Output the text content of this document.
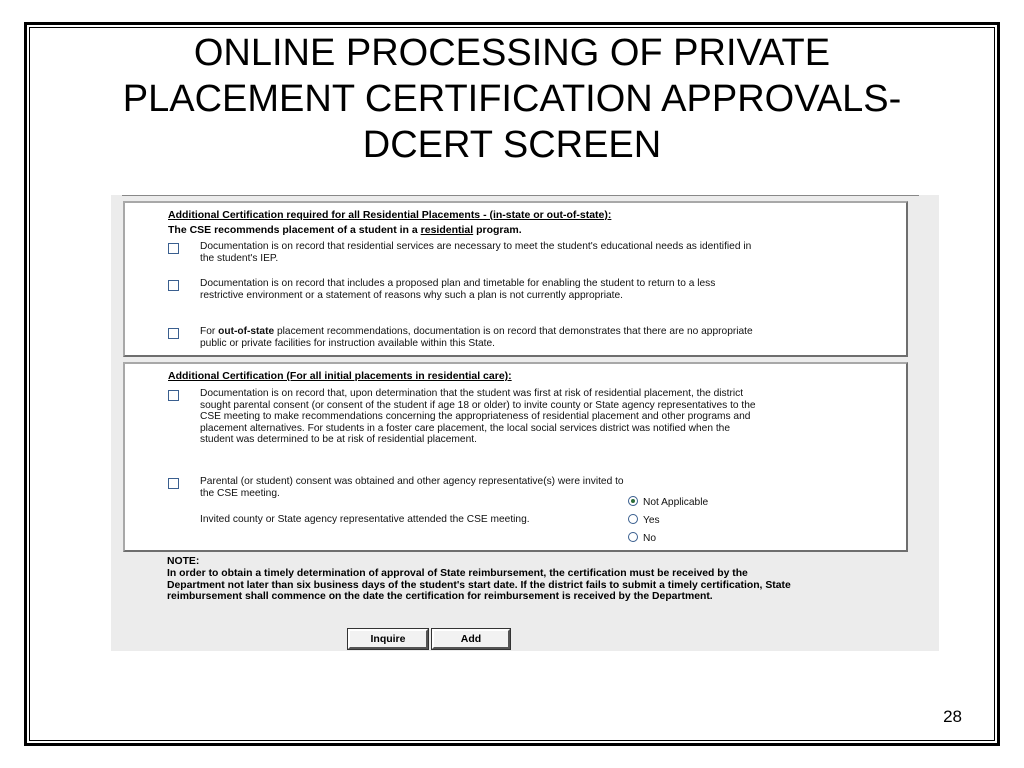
ONLINE PROCESSING OF PRIVATE
PLACEMENT CERTIFICATION APPROVALS-
DCERT SCREEN
Additional Certification required for all Residential Placements - (in-state or out-of-state):
The CSE recommends placement of a student in a residential program.

Documentation is on record that residential services are necessary to meet the student's educational needs as identified in the student's IEP.

Documentation is on record that includes a proposed plan and timetable for enabling the student to return to a less restrictive environment or a statement of reasons why such a plan is not currently appropriate.

For out-of-state placement recommendations, documentation is on record that demonstrates that there are no appropriate public or private facilities for instruction available within this State.

Additional Certification (For all initial placements in residential care):

Documentation is on record that, upon determination that the student was first at risk of residential placement, the district sought parental consent (or consent of the student if age 18 or older) to invite county or State agency representatives to the CSE meeting to make recommendations concerning the appropriateness of residential placement and other programs and placement alternatives. For students in a foster care placement, the local social services district was notified when the student was determined to be at risk of residential placement.

Parental (or student) consent was obtained and other agency representative(s) were invited to the CSE meeting.

Invited county or State agency representative attended the CSE meeting.
Not Applicable
Yes
No
NOTE:
In order to obtain a timely determination of approval of State reimbursement, the certification must be received by the Department not later than six business days of the student's start date. If the district fails to submit a timely certification, State reimbursement shall commence on the date the certification for reimbursement is received by the Department.
Inquire	Add
28
